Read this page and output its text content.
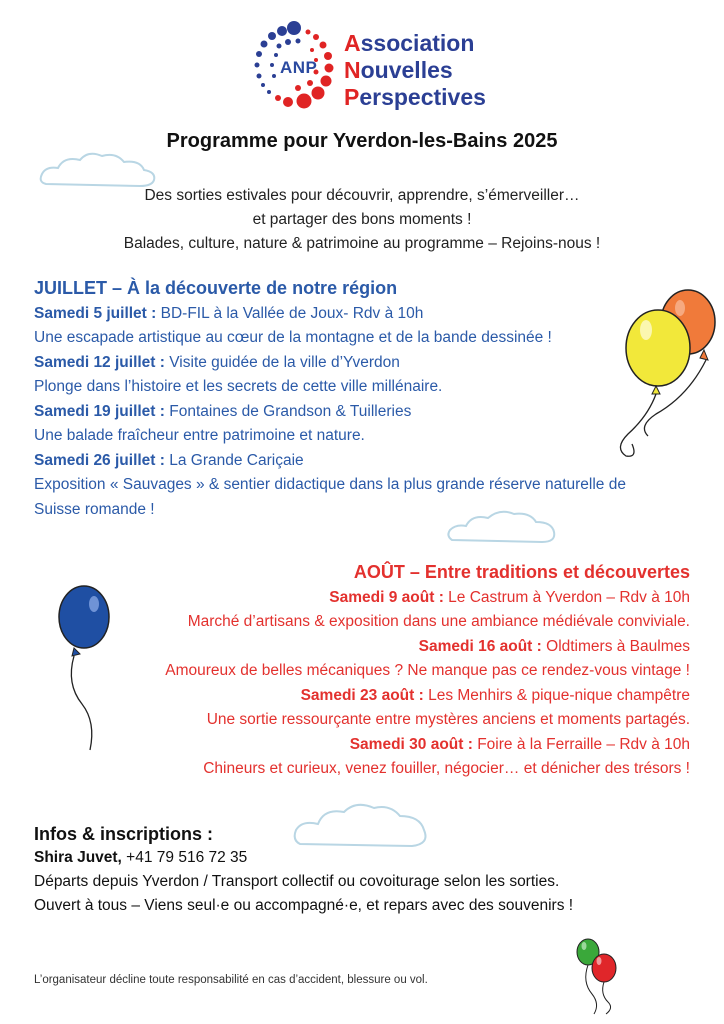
ANP
Association
Nouvelles
Perspectives
Programme pour Yverdon-les-Bains 2025
Des sorties estivales pour découvrir, apprendre, s’émerveiller…
et partager des bons moments !
Balades, culture, nature & patrimoine au programme – Rejoins-nous !
JUILLET – À la découverte de notre région
Samedi 5 juillet : BD-FIL à la Vallée de Joux- Rdv à 10h
Une escapade artistique au cœur de la montagne et de la bande dessinée !
Samedi 12 juillet : Visite guidée de la ville d’Yverdon
Plonge dans l’histoire et les secrets de cette ville millénaire.
Samedi 19 juillet : Fontaines de Grandson & Tuilleries
Une balade fraîcheur entre patrimoine et nature.
Samedi 26 juillet : La Grande Cariçaie
Exposition « Sauvages » & sentier didactique dans la plus grande réserve naturelle de Suisse romande !
AOÛT – Entre traditions et découvertes
Samedi 9 août : Le Castrum à Yverdon – Rdv à 10h
Marché d’artisans & exposition dans une ambiance médiévale conviviale.
Samedi 16 août : Oldtimers à Baulmes
Amoureux de belles mécaniques ? Ne manque pas ce rendez-vous vintage !
Samedi 23 août : Les Menhirs & pique-nique champêtre
Une sortie ressourçante entre mystères anciens et moments partagés.
Samedi 30 août : Foire à la Ferraille – Rdv à 10h
Chineurs et curieux, venez fouiller, négocier… et dénicher des trésors !
Infos & inscriptions :
Shira Juvet, +41 79 516 72 35
Départs depuis Yverdon / Transport collectif ou covoiturage selon les sorties.
Ouvert à tous – Viens seul·e ou accompagné·e, et repars avec des souvenirs !
L’organisateur décline toute responsabilité en cas d’accident, blessure ou vol.
